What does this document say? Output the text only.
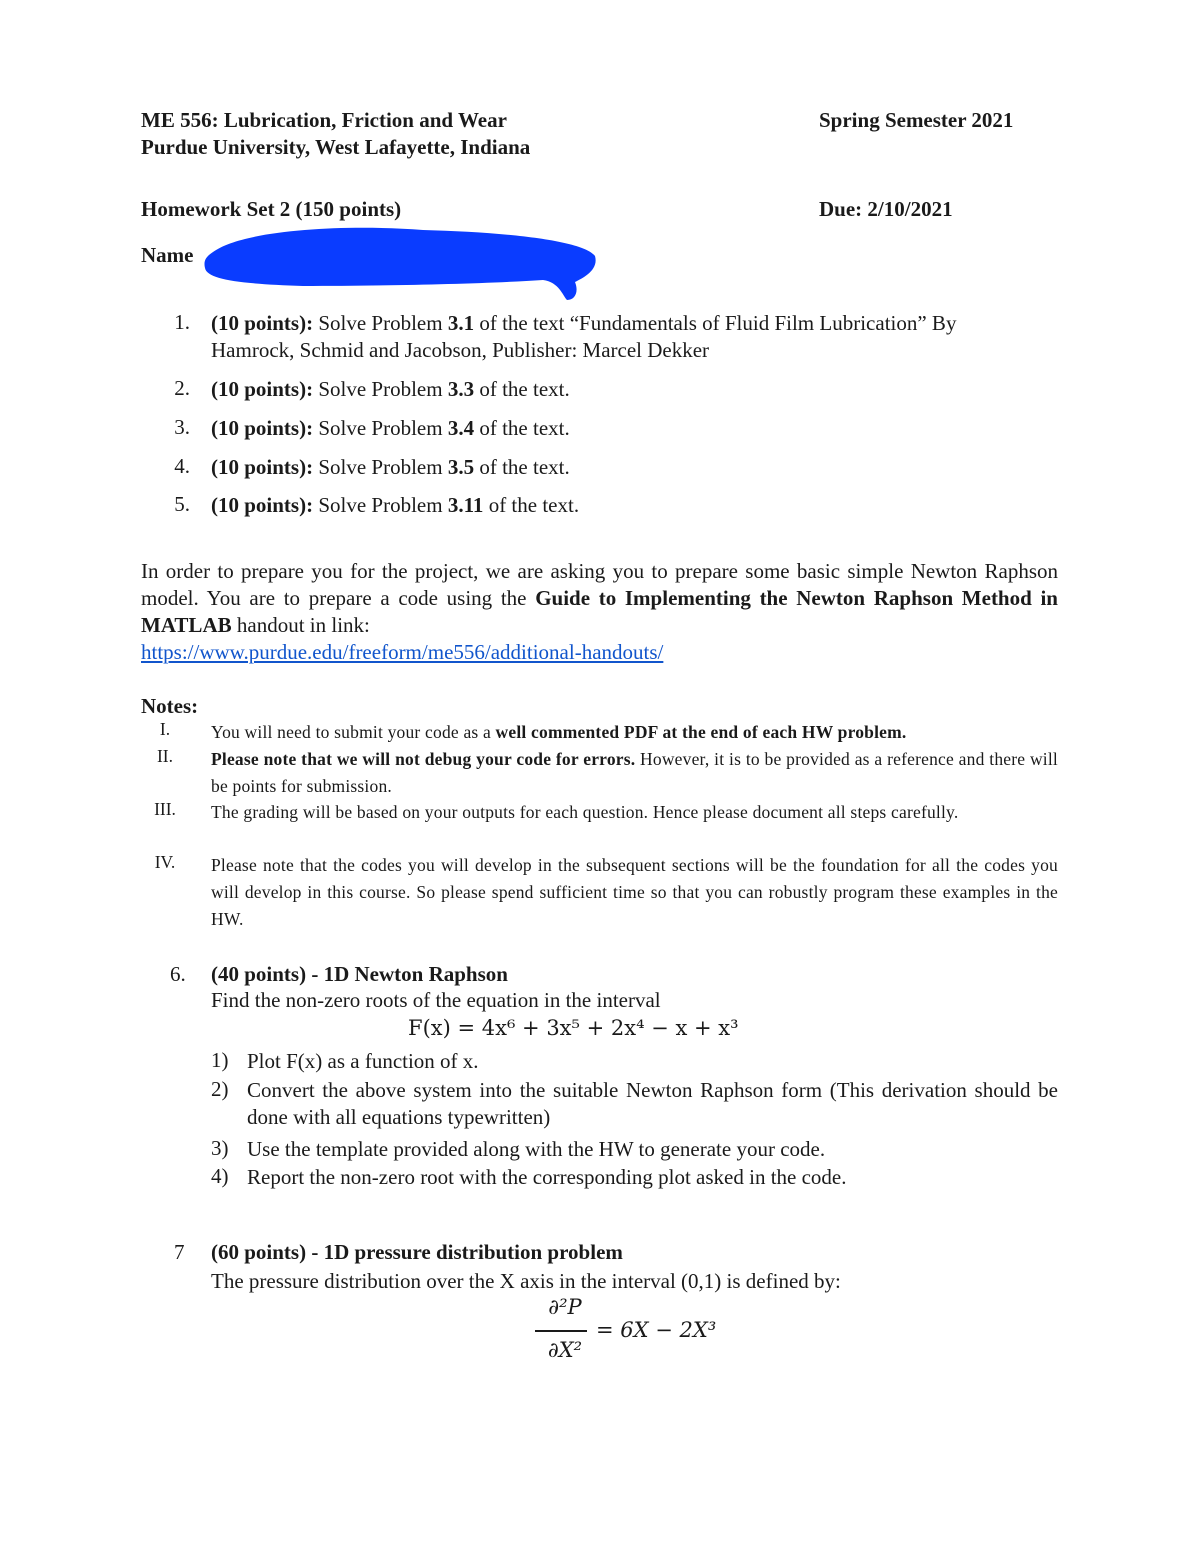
ME 556: Lubrication, Friction and Wear	Spring Semester 2021
Purdue University, West Lafayette, Indiana
Homework Set 2 (150 points)	Due: 2/10/2021
Name
1. (10 points): Solve Problem 3.1 of the text “Fundamentals of Fluid Film Lubrication” By
Hamrock, Schmid and Jacobson, Publisher: Marcel Dekker
2. (10 points): Solve Problem 3.3 of the text.
3. (10 points): Solve Problem 3.4 of the text.
4. (10 points): Solve Problem 3.5 of the text.
5. (10 points): Solve Problem 3.11 of the text.
In order to prepare you for the project, we are asking you to prepare some basic simple Newton Raphson model. You are to prepare a code using the Guide to Implementing the Newton Raphson Method in MATLAB handout in link:
https://www.purdue.edu/freeform/me556/additional-handouts/
Notes:
I.	You will need to submit your code as a well commented PDF at the end of each HW problem.
II.	Please note that we will not debug your code for errors. However, it is to be provided as a reference and there will be points for submission.
III.	The grading will be based on your outputs for each question. Hence please document all steps carefully.
IV.	Please note that the codes you will develop in the subsequent sections will be the foundation for all the codes you will develop in this course. So please spend sufficient time so that you can robustly program these examples in the HW.
6. (40 points) - 1D Newton Raphson
Find the non-zero roots of the equation in the interval
F(x) = 4x⁶ + 3x⁵ + 2x⁴ − x + x³
1) Plot F(x) as a function of x.
2) Convert the above system into the suitable Newton Raphson form (This derivation should be done with all equations typewritten)
3) Use the template provided along with the HW to generate your code.
4) Report the non-zero root with the corresponding plot asked in the code.
7 (60 points) - 1D pressure distribution problem
The pressure distribution over the X axis in the interval (0,1) is defined by:
∂²P
∂X²
= 6X − 2X³
